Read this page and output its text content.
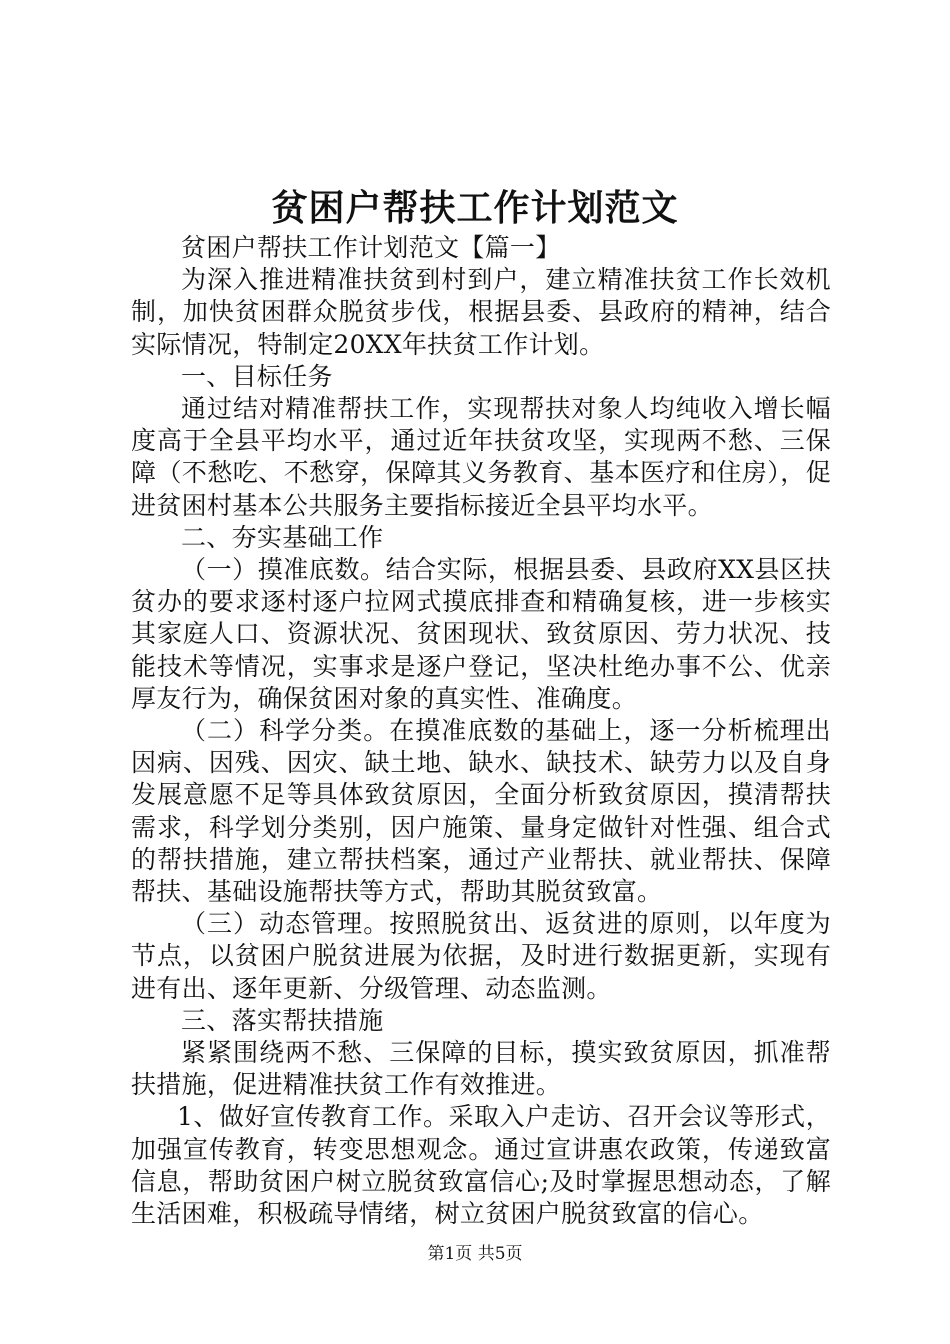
贫困户帮扶工作计划范文

贫困户帮扶工作计划范文【篇一】

为深入推进精准扶贫到村到户，建立精准扶贫工作长效机制，加快贫困群众脱贫步伐，根据县委、县政府的精神，结合实际情况，特制定20XX年扶贫工作计划。

一、目标任务

通过结对精准帮扶工作，实现帮扶对象人均纯收入增长幅度高于全县平均水平，通过近年扶贫攻坚，实现两不愁、三保障（不愁吃、不愁穿，保障其义务教育、基本医疗和住房），促进贫困村基本公共服务主要指标接近全县平均水平。

二、夯实基础工作

（一）摸准底数。结合实际，根据县委、县政府XX县区扶贫办的要求逐村逐户拉网式摸底排查和精确复核，进一步核实其家庭人口、资源状况、贫困现状、致贫原因、劳力状况、技能技术等情况，实事求是逐户登记，坚决杜绝办事不公、优亲厚友行为，确保贫困对象的真实性、准确度。

（二）科学分类。在摸准底数的基础上，逐一分析梳理出因病、因残、因灾、缺土地、缺水、缺技术、缺劳力以及自身发展意愿不足等具体致贫原因，全面分析致贫原因，摸清帮扶需求，科学划分类别，因户施策、量身定做针对性强、组合式的帮扶措施，建立帮扶档案，通过产业帮扶、就业帮扶、保障帮扶、基础设施帮扶等方式，帮助其脱贫致富。

（三）动态管理。按照脱贫出、返贫进的原则，以年度为节点，以贫困户脱贫进展为依据，及时进行数据更新，实现有进有出、逐年更新、分级管理、动态监测。

三、落实帮扶措施

紧紧围绕两不愁、三保障的目标，摸实致贫原因，抓准帮扶措施，促进精准扶贫工作有效推进。

1、做好宣传教育工作。采取入户走访、召开会议等形式，加强宣传教育，转变思想观念。通过宣讲惠农政策，传递致富信息，帮助贫困户树立脱贫致富信心;及时掌握思想动态，了解生活困难，积极疏导情绪，树立贫困户脱贫致富的信心。

第1页 共5页
